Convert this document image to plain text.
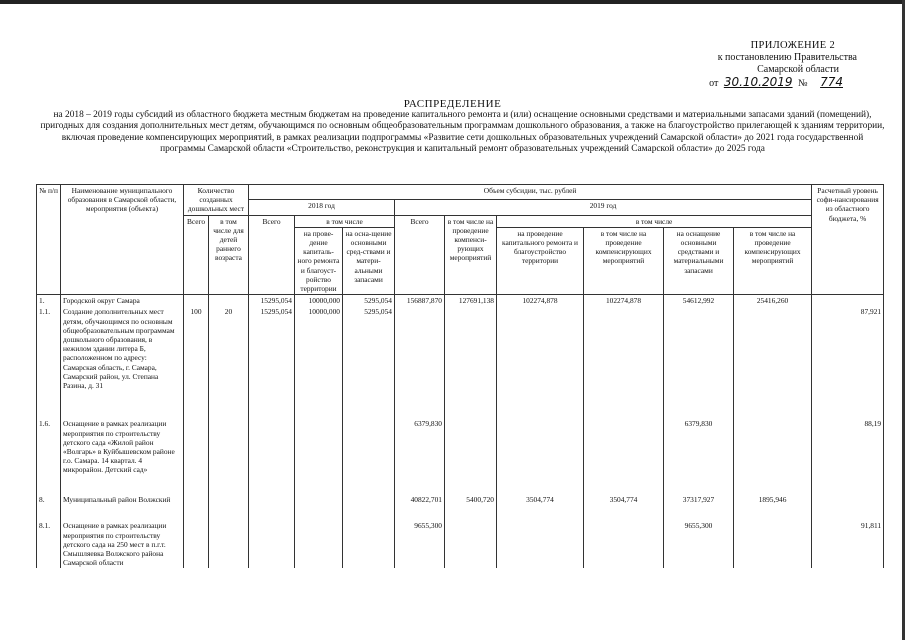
ПРИЛОЖЕНИЕ 2
к постановлению Правительства
Самарской области
от 30.10.2019 № 774
РАСПРЕДЕЛЕНИЕ
на 2018 – 2019 годы субсидий из областного бюджета местным бюджетам на проведение капитального ремонта и (или) оснащение основными средствами и материальными запасами зданий (помещений), пригодных для создания дополнительных мест детям, обучающимся по основным общеобразовательным программам дошкольного образования, а также на благоустройство прилегающей к зданиям территории, включая проведение компенсирующих мероприятий, в рамках реализации подпрограммы «Развитие сети дошкольных образовательных учреждений Самарской области» до 2021 года государственной программы Самарской области «Строительство, реконструкция и капитальный ремонт образовательных учреждений Самарской области» до 2025 года
№ п/п	Наименование муниципального образования в Самарской области, мероприятия (объекта)	Количество созданных дошкольных мест		Объем субсидии, тыс. рублей									Расчетный уровень софи-нансирования из областного бюджета, %
				2018 год			2019 год						
		Всего	в том числе для детей раннего возраста	Всего	в том числе		Всего	в том числе на проведение компенси-рующих мероприятий	в том числе				
					на прове-дение капиталь-ного ремонта и благоуст-ройство территории	на осна-щение основными сред-ствами и матери-альными запасами			на проведение капитального ремонта и благоустройство территории	в том числе на проведение компенсирующих мероприятий	на оснащение основными средствами и материальными запасами	в том числе на проведение компенсирующих мероприятий	
1.	Городской округ Самара			15295,054	10000,000	5295,054	156887,870	127691,138	102274,878	102274,878	54612,992	25416,260	
1.1.	Создание дополнительных мест детям, обучающимся по основным общеобразовательным программам дошкольного образования, в нежилом здании литера Б, расположенном по адресу: Самарская область, г. Самара, Самарский район, ул. Степана Разина, д. 31	100	20	15295,054	10000,000	5295,054							87,921
1.6.	Оснащение в рамках реализации мероприятия по строительству детского сада «Жилой район «Волгарь» в Куйбышевском районе г.о. Самара. 14 квартал. 4 микрорайон. Детский сад»						6379,830				6379,830		88,19
8.	Муниципальный район Волжский						40822,701	5400,720	3504,774	3504,774	37317,927	1895,946	
8.1.	Оснащение в рамках реализации мероприятия по строительству детского сада на 250 мест в п.г.т. Смышляевка Волжского района Самарской области						9655,300				9655,300		91,811
